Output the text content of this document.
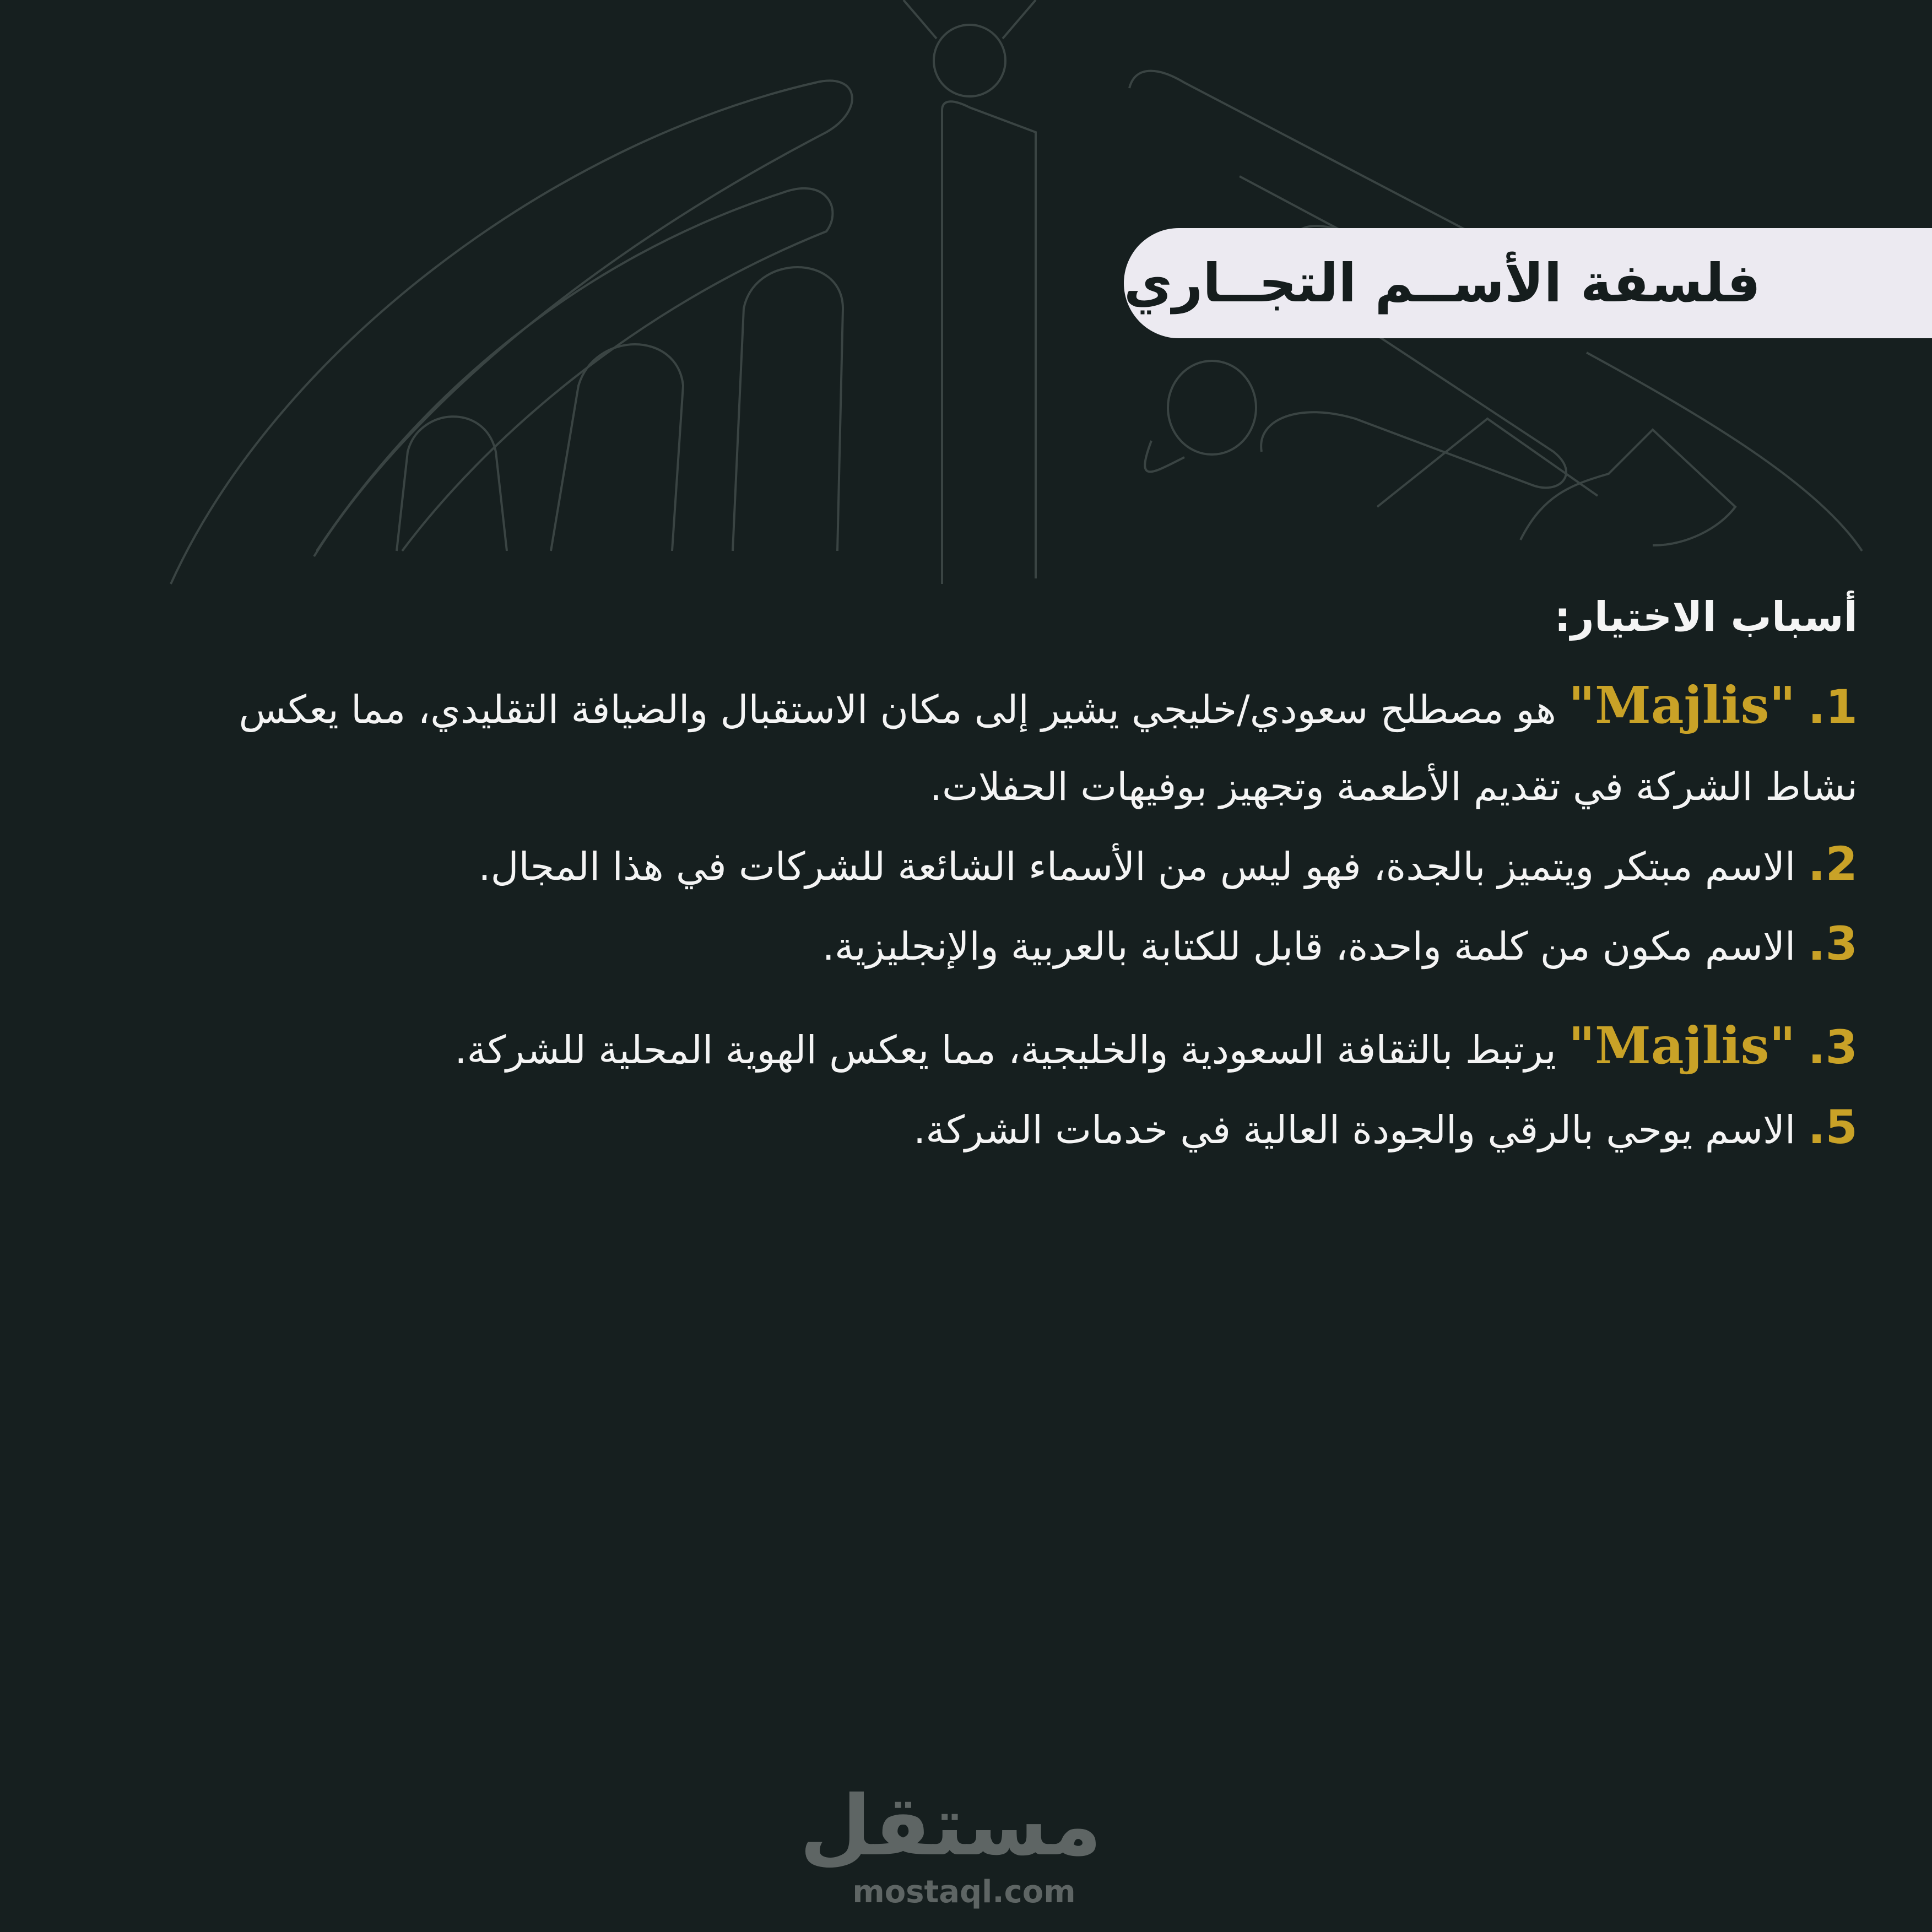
فلسفة الأســم التجــاري

أسباب الاختيار:

1. "Majlis" هو مصطلح سعودي/خليجي يشير إلى مكان الاستقبال والضيافة التقليدي، مما يعكس نشاط الشركة في تقديم الأطعمة وتجهيز بوفيهات الحفلات.

2. الاسم مبتكر ويتميز بالجدة، فهو ليس من الأسماء الشائعة للشركات في هذا المجال.

3. الاسم مكون من كلمة واحدة، قابل للكتابة بالعربية والإنجليزية.

3. "Majlis" يرتبط بالثقافة السعودية والخليجية، مما يعكس الهوية المحلية للشركة.

5. الاسم يوحي بالرقي والجودة العالية في خدمات الشركة.

مستقل
mostaql.com
